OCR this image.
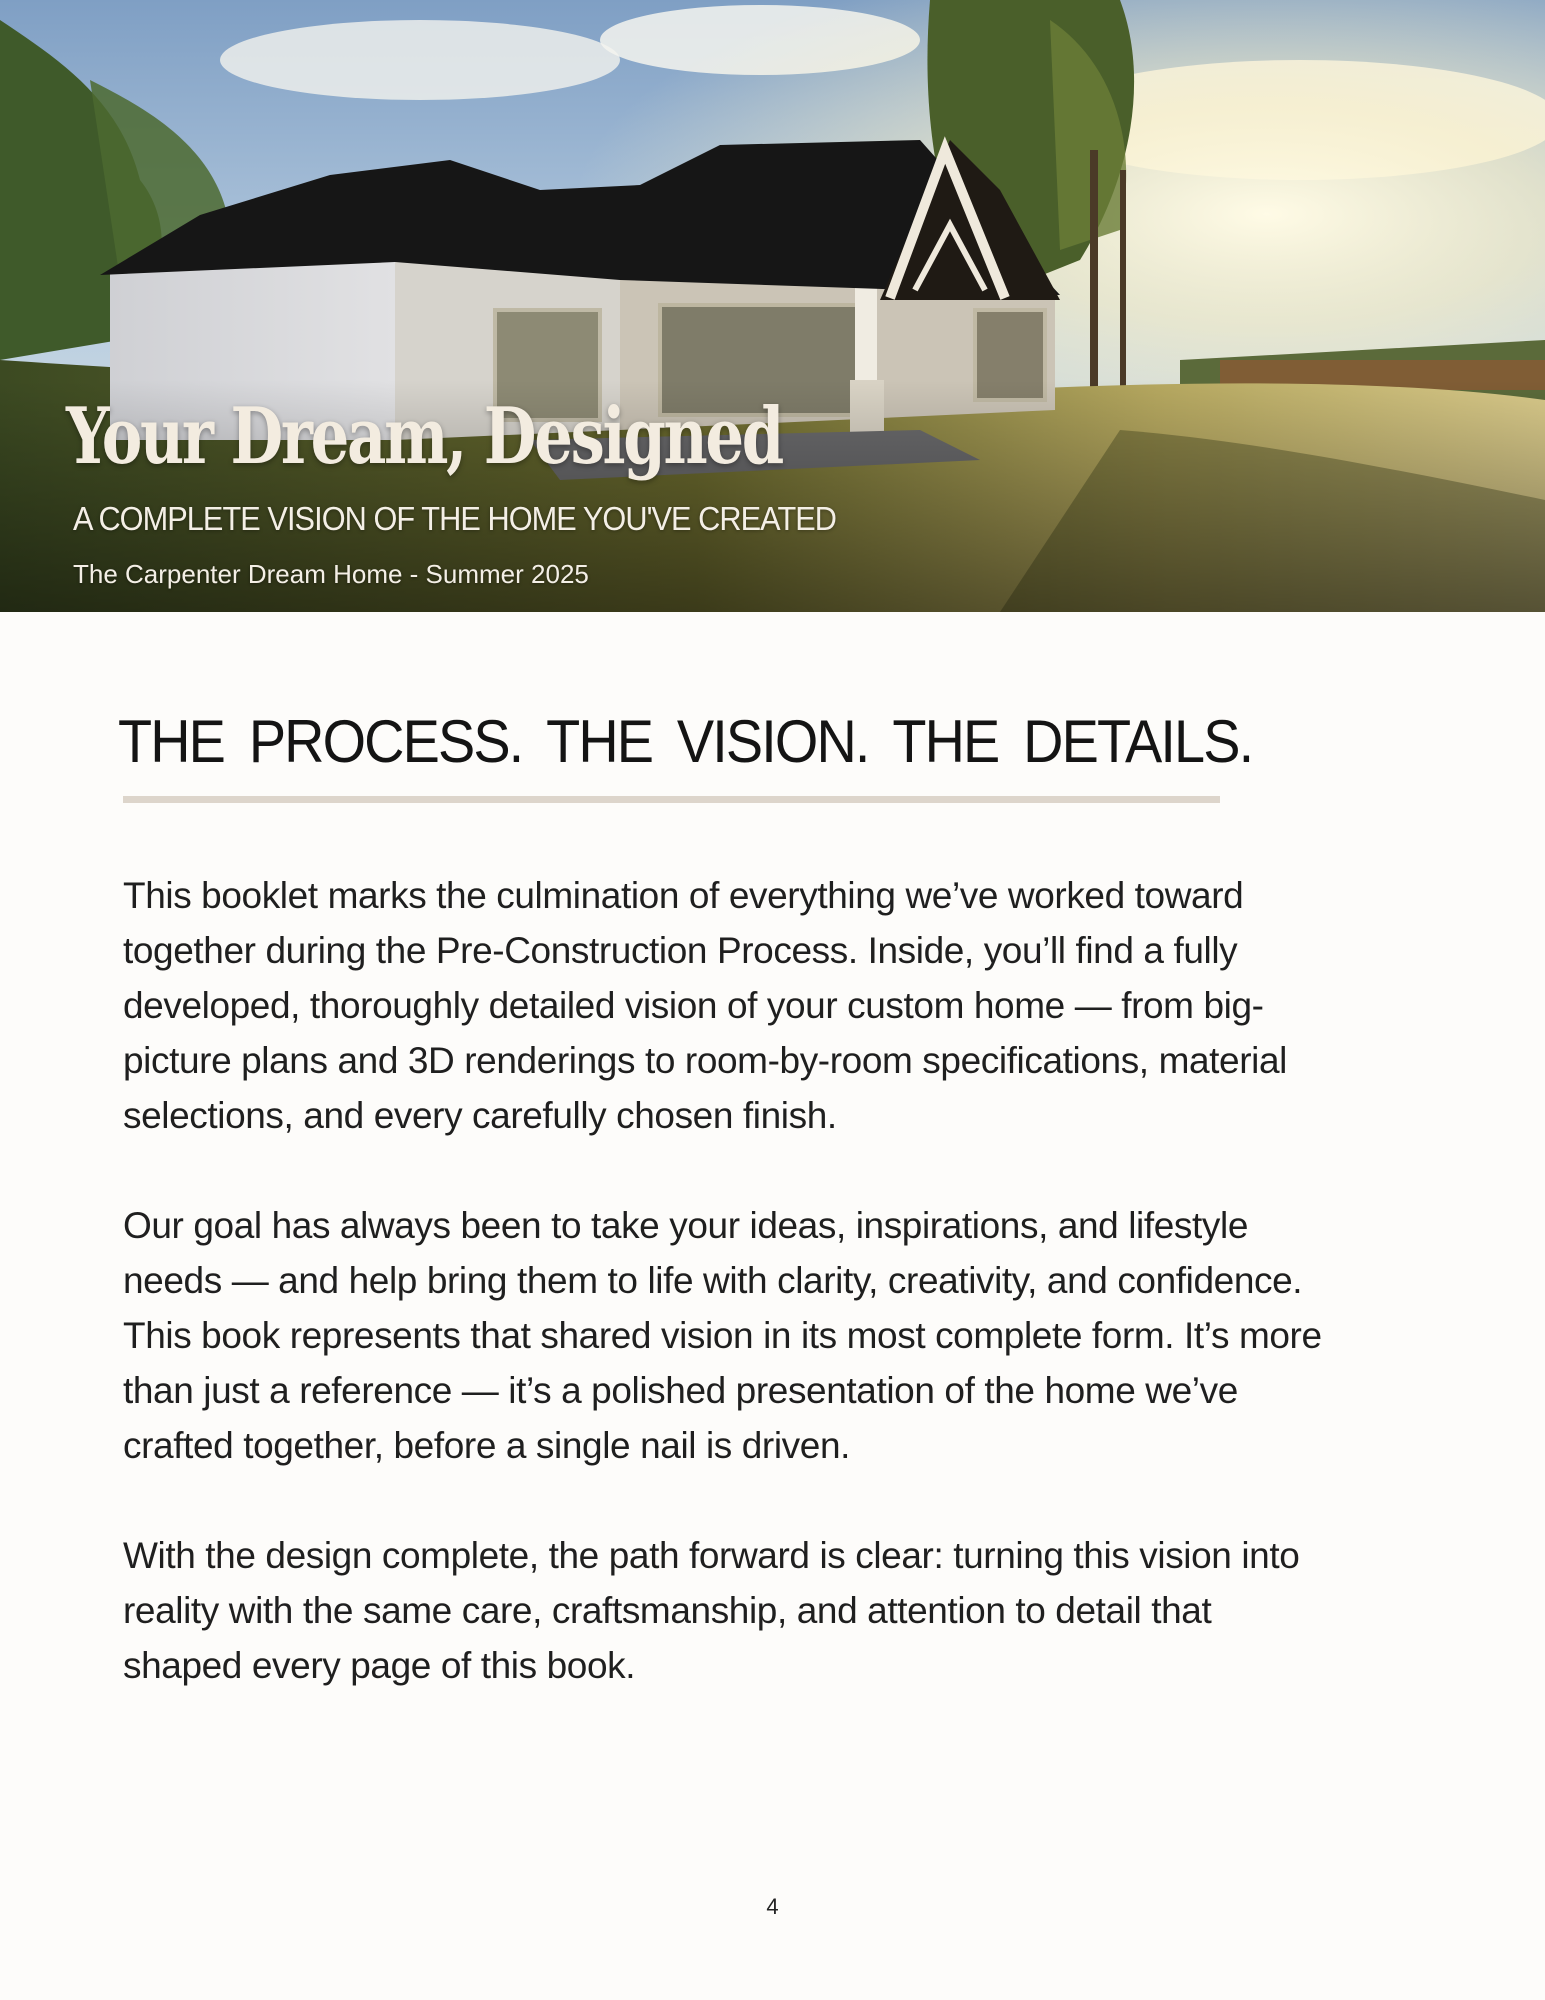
Your Dream, Designed
A COMPLETE VISION OF THE HOME YOU'VE CREATED
The Carpenter Dream Home - Summer 2025
THE PROCESS. THE VISION. THE DETAILS.

This booklet marks the culmination of everything we’ve worked toward
together during the Pre-Construction Process. Inside, you’ll find a fully
developed, thoroughly detailed vision of your custom home — from big-
picture plans and 3D renderings to room-by-room specifications, material
selections, and every carefully chosen finish.

Our goal has always been to take your ideas, inspirations, and lifestyle
needs — and help bring them to life with clarity, creativity, and confidence.
This book represents that shared vision in its most complete form. It’s more
than just a reference — it’s a polished presentation of the home we’ve
crafted together, before a single nail is driven.

With the design complete, the path forward is clear: turning this vision into
reality with the same care, craftsmanship, and attention to detail that
shaped every page of this book.

4
